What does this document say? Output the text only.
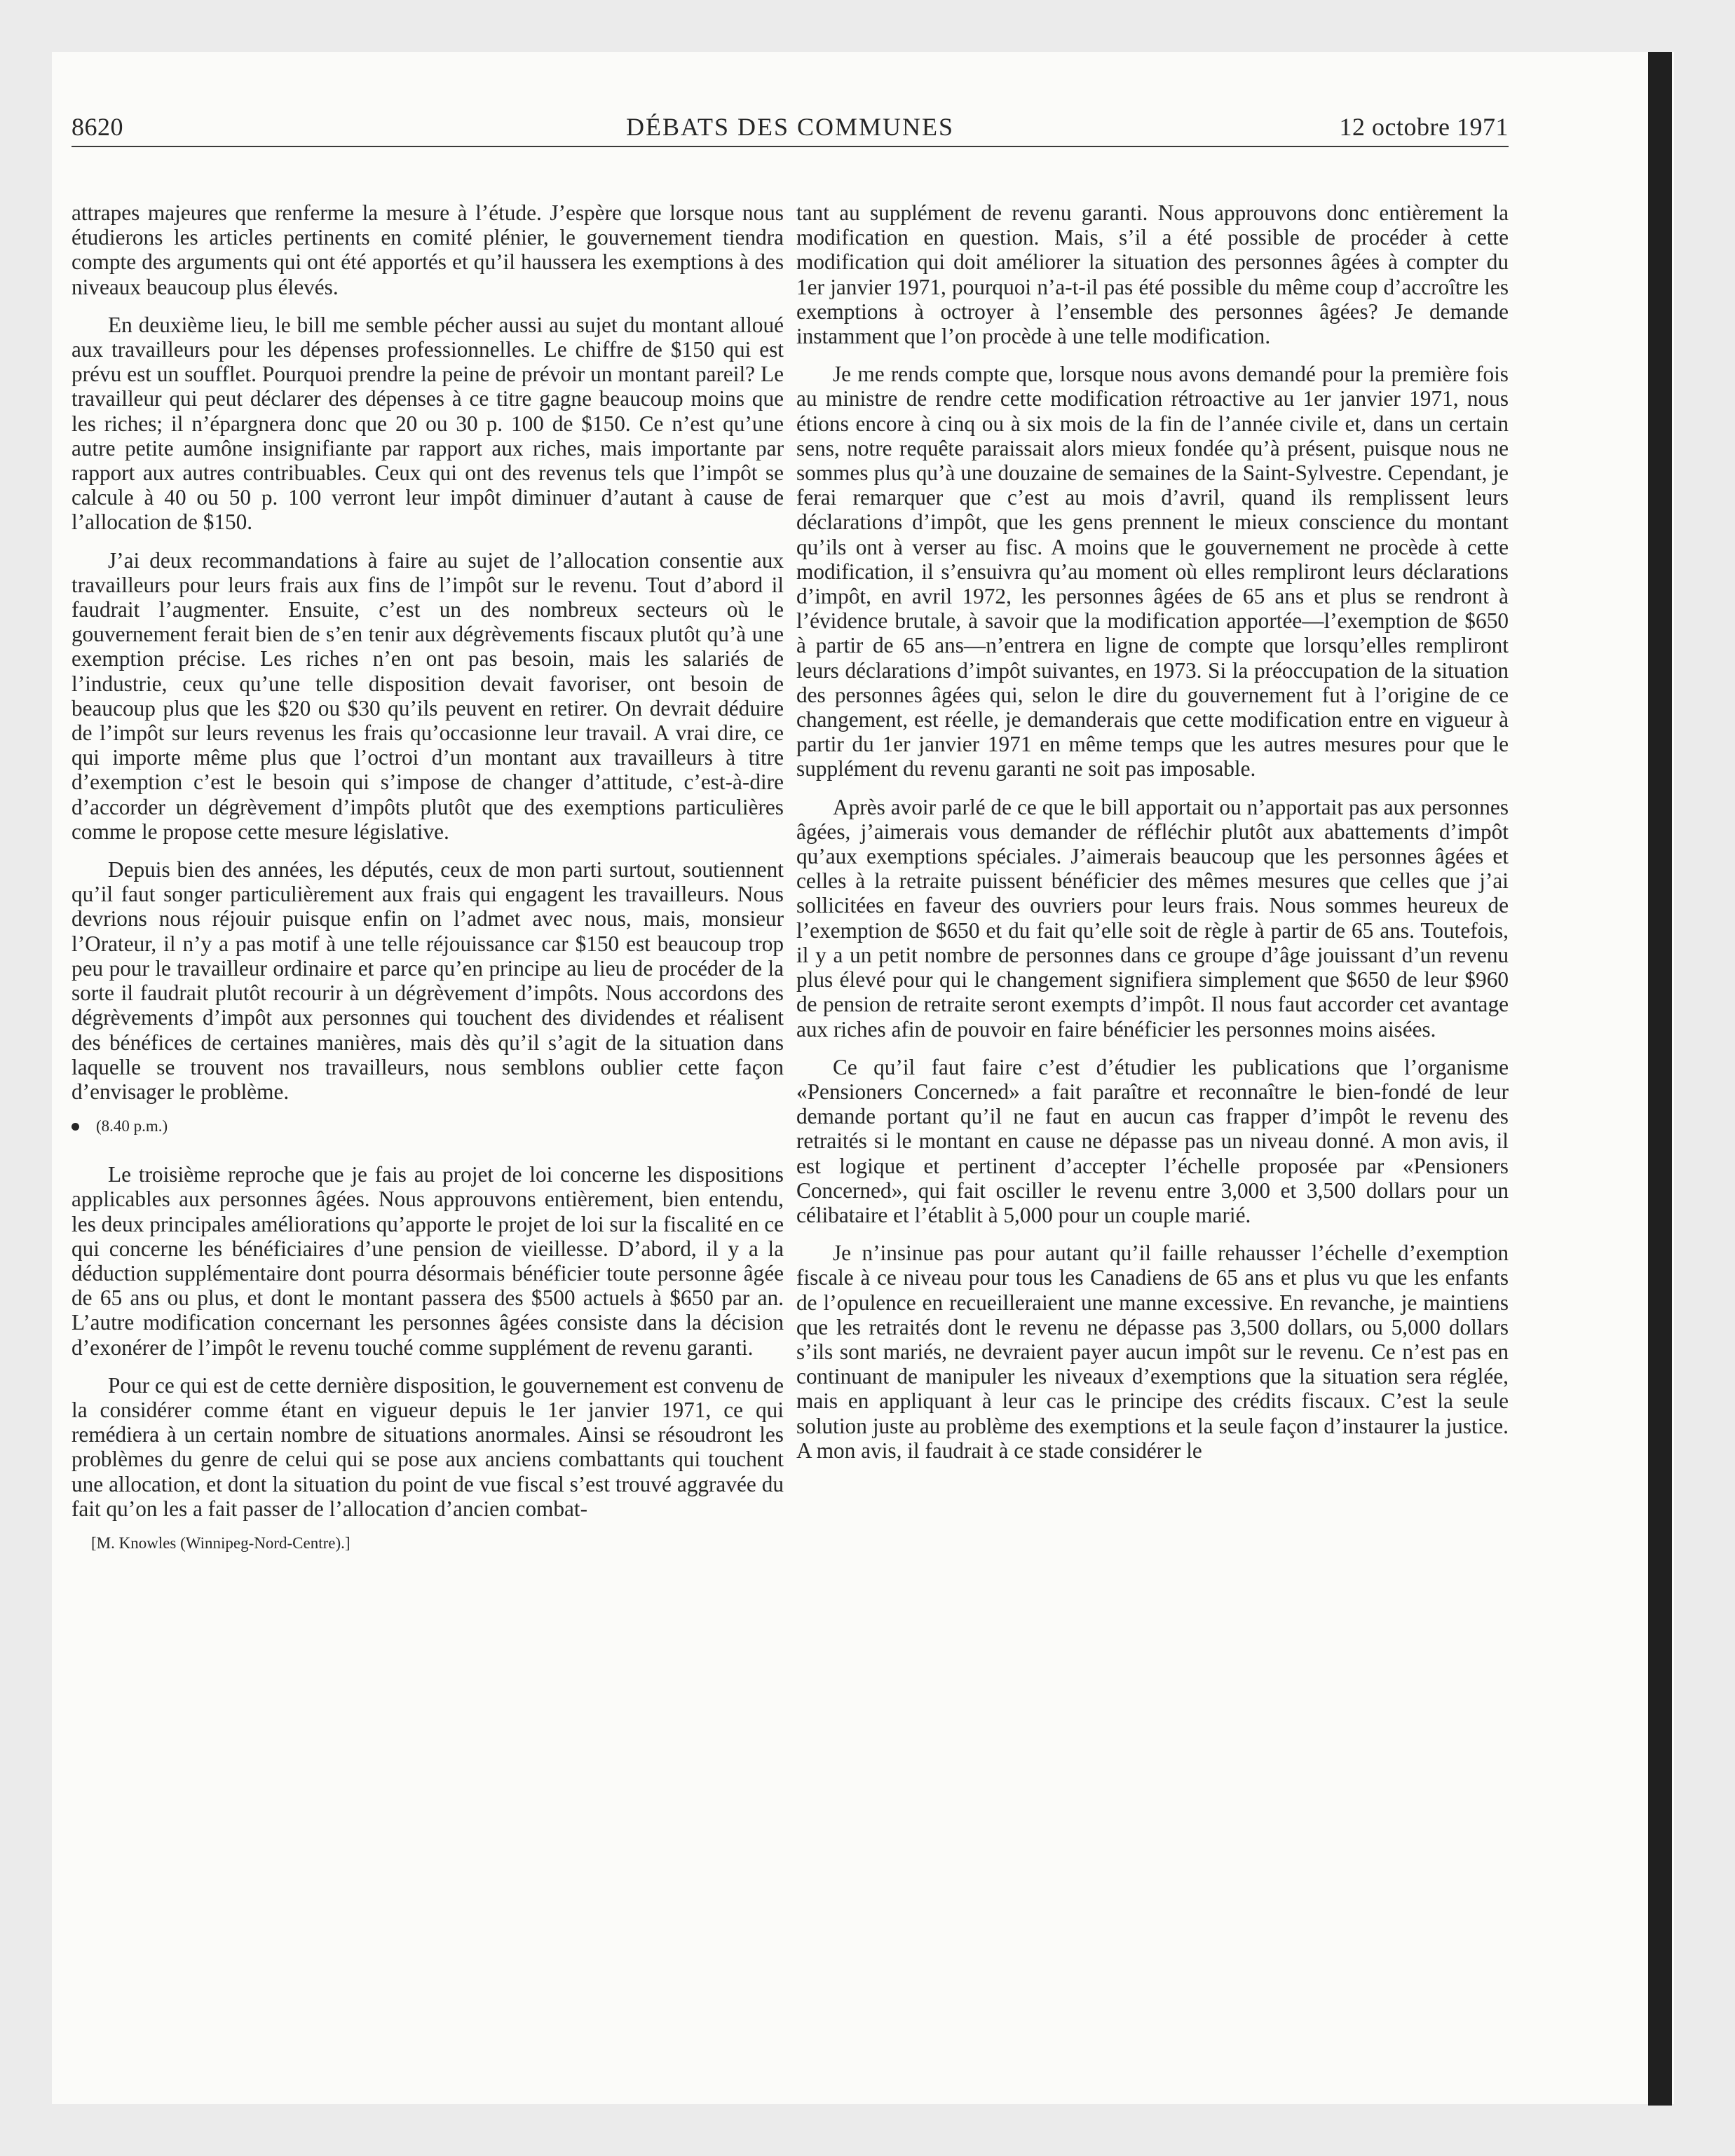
8620	DÉBATS DES COMMUNES	12 octobre 1971

attrapes majeures que renferme la mesure à l’étude. J’espère que lorsque nous étudierons les articles pertinents en comité plénier, le gouvernement tiendra compte des arguments qui ont été apportés et qu’il haussera les exemptions à des niveaux beaucoup plus élevés.

En deuxième lieu, le bill me semble pécher aussi au sujet du montant alloué aux travailleurs pour les dépenses professionnelles. Le chiffre de $150 qui est prévu est un soufflet. Pourquoi prendre la peine de prévoir un montant pareil? Le travailleur qui peut déclarer des dépenses à ce titre gagne beaucoup moins que les riches; il n’épargnera donc que 20 ou 30 p. 100 de $150. Ce n’est qu’une autre petite aumône insignifiante par rapport aux riches, mais importante par rapport aux autres contribuables. Ceux qui ont des revenus tels que l’impôt se calcule à 40 ou 50 p. 100 verront leur impôt diminuer d’autant à cause de l’allocation de $150.

J’ai deux recommandations à faire au sujet de l’allocation consentie aux travailleurs pour leurs frais aux fins de l’impôt sur le revenu. Tout d’abord il faudrait l’augmenter. Ensuite, c’est un des nombreux secteurs où le gouvernement ferait bien de s’en tenir aux dégrèvements fiscaux plutôt qu’à une exemption précise. Les riches n’en ont pas besoin, mais les salariés de l’industrie, ceux qu’une telle disposition devait favoriser, ont besoin de beaucoup plus que les $20 ou $30 qu’ils peuvent en retirer. On devrait déduire de l’impôt sur leurs revenus les frais qu’occasionne leur travail. A vrai dire, ce qui importe même plus que l’octroi d’un montant aux travailleurs à titre d’exemption c’est le besoin qui s’impose de changer d’attitude, c’est-à-dire d’accorder un dégrèvement d’impôts plutôt que des exemptions particulières comme le propose cette mesure législative.

Depuis bien des années, les députés, ceux de mon parti surtout, soutiennent qu’il faut songer particulièrement aux frais qui engagent les travailleurs. Nous devrions nous réjouir puisque enfin on l’admet avec nous, mais, monsieur l’Orateur, il n’y a pas motif à une telle réjouissance car $150 est beaucoup trop peu pour le travailleur ordinaire et parce qu’en principe au lieu de procéder de la sorte il faudrait plutôt recourir à un dégrèvement d’impôts. Nous accordons des dégrèvements d’impôt aux personnes qui touchent des dividendes et réalisent des bénéfices de certaines manières, mais dès qu’il s’agit de la situation dans laquelle se trouvent nos travailleurs, nous semblons oublier cette façon d’envisager le problème.

(8.40 p.m.)

Le troisième reproche que je fais au projet de loi concerne les dispositions applicables aux personnes âgées. Nous approuvons entièrement, bien entendu, les deux principales améliorations qu’apporte le projet de loi sur la fiscalité en ce qui concerne les bénéficiaires d’une pension de vieillesse. D’abord, il y a la déduction supplémentaire dont pourra désormais bénéficier toute personne âgée de 65 ans ou plus, et dont le montant passera des $500 actuels à $650 par an. L’autre modification concernant les personnes âgées consiste dans la décision d’exonérer de l’impôt le revenu touché comme supplément de revenu garanti.

Pour ce qui est de cette dernière disposition, le gouvernement est convenu de la considérer comme étant en vigueur depuis le 1er janvier 1971, ce qui remédiera à un certain nombre de situations anormales. Ainsi se résoudront les problèmes du genre de celui qui se pose aux anciens combattants qui touchent une allocation, et dont la situation du point de vue fiscal s’est trouvé aggravée du fait qu’on les a fait passer de l’allocation d’ancien combat-

[M. Knowles (Winnipeg-Nord-Centre).]

tant au supplément de revenu garanti. Nous approuvons donc entièrement la modification en question. Mais, s’il a été possible de procéder à cette modification qui doit améliorer la situation des personnes âgées à compter du 1er janvier 1971, pourquoi n’a-t-il pas été possible du même coup d’accroître les exemptions à octroyer à l’ensemble des personnes âgées? Je demande instamment que l’on procède à une telle modification.

Je me rends compte que, lorsque nous avons demandé pour la première fois au ministre de rendre cette modification rétroactive au 1er janvier 1971, nous étions encore à cinq ou à six mois de la fin de l’année civile et, dans un certain sens, notre requête paraissait alors mieux fondée qu’à présent, puisque nous ne sommes plus qu’à une douzaine de semaines de la Saint-Sylvestre. Cependant, je ferai remarquer que c’est au mois d’avril, quand ils remplissent leurs déclarations d’impôt, que les gens prennent le mieux conscience du montant qu’ils ont à verser au fisc. A moins que le gouvernement ne procède à cette modification, il s’ensuivra qu’au moment où elles rempliront leurs déclarations d’impôt, en avril 1972, les personnes âgées de 65 ans et plus se rendront à l’évidence brutale, à savoir que la modification apportée—l’exemption de $650 à partir de 65 ans—n’entrera en ligne de compte que lorsqu’elles rempliront leurs déclarations d’impôt suivantes, en 1973. Si la préoccupation de la situation des personnes âgées qui, selon le dire du gouvernement fut à l’origine de ce changement, est réelle, je demanderais que cette modification entre en vigueur à partir du 1er janvier 1971 en même temps que les autres mesures pour que le supplément du revenu garanti ne soit pas imposable.

Après avoir parlé de ce que le bill apportait ou n’apportait pas aux personnes âgées, j’aimerais vous demander de réfléchir plutôt aux abattements d’impôt qu’aux exemptions spéciales. J’aimerais beaucoup que les personnes âgées et celles à la retraite puissent bénéficier des mêmes mesures que celles que j’ai sollicitées en faveur des ouvriers pour leurs frais. Nous sommes heureux de l’exemption de $650 et du fait qu’elle soit de règle à partir de 65 ans. Toutefois, il y a un petit nombre de personnes dans ce groupe d’âge jouissant d’un revenu plus élevé pour qui le changement signifiera simplement que $650 de leur $960 de pension de retraite seront exempts d’impôt. Il nous faut accorder cet avantage aux riches afin de pouvoir en faire bénéficier les personnes moins aisées.

Ce qu’il faut faire c’est d’étudier les publications que l’organisme «Pensioners Concerned» a fait paraître et reconnaître le bien-fondé de leur demande portant qu’il ne faut en aucun cas frapper d’impôt le revenu des retraités si le montant en cause ne dépasse pas un niveau donné. A mon avis, il est logique et pertinent d’accepter l’échelle proposée par «Pensioners Concerned», qui fait osciller le revenu entre 3,000 et 3,500 dollars pour un célibataire et l’établit à 5,000 pour un couple marié.

Je n’insinue pas pour autant qu’il faille rehausser l’échelle d’exemption fiscale à ce niveau pour tous les Canadiens de 65 ans et plus vu que les enfants de l’opulence en recueilleraient une manne excessive. En revanche, je maintiens que les retraités dont le revenu ne dépasse pas 3,500 dollars, ou 5,000 dollars s’ils sont mariés, ne devraient payer aucun impôt sur le revenu. Ce n’est pas en continuant de manipuler les niveaux d’exemptions que la situation sera réglée, mais en appliquant à leur cas le principe des crédits fiscaux. C’est la seule solution juste au problème des exemptions et la seule façon d’instaurer la justice. A mon avis, il faudrait à ce stade considérer le
